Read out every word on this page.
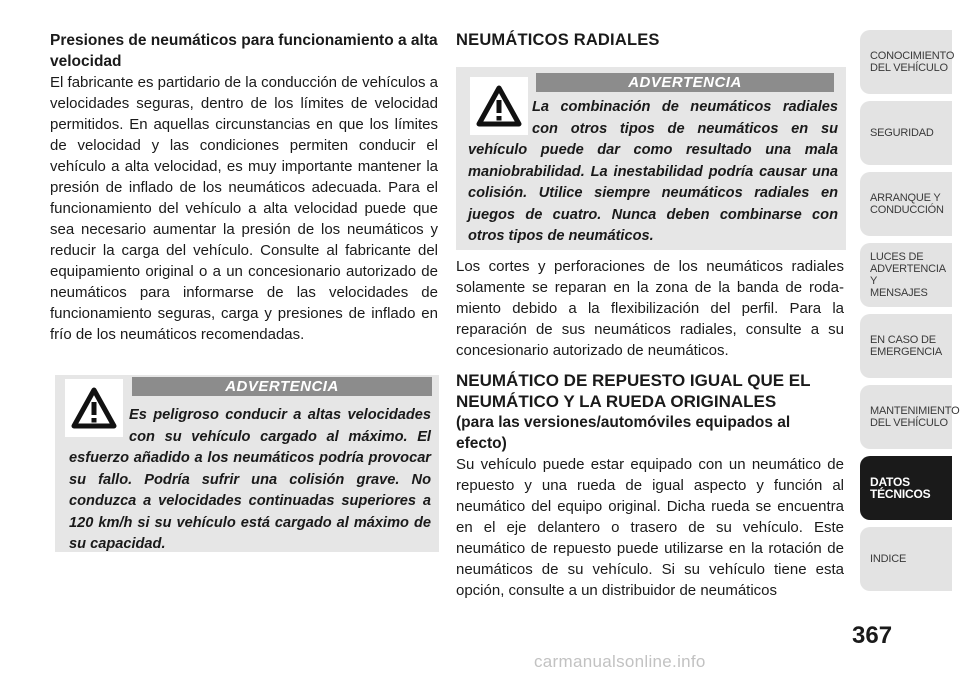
Presiones de neumáticos para funcionamiento a alta velocidad

El fabricante es partidario de la conducción de vehículos a velocidades seguras, dentro de los límites de velocidad permitidos. En aquellas circunstancias en que los límites de velocidad y las condiciones permiten conducir el vehículo a alta velocidad, es muy importante mantener la presión de inflado de los neumáticos adecuada. Para el funcionamiento del vehículo a alta velocidad puede que sea necesario aumentar la presión de los neumáticos y reducir la carga del vehículo. Consulte al fabricante del equipamiento original o a un concesionario autorizado de neumáticos para informarse de las velocidades de funcionamiento seguras, carga y presiones de inflado en frío de los neumáticos recomendadas.

ADVERTENCIA

Es peligroso conducir a altas velocidades con su vehículo cargado al máximo. El esfuerzo añadido a los neumáticos podría provocar su fallo. Podría sufrir una colisión grave. No conduzca a velocidades continuadas superiores a 120 km/h si su vehículo está cargado al máximo de su capacidad.

NEUMÁTICOS RADIALES

ADVERTENCIA

La combinación de neumáticos radiales con otros tipos de neumáticos en su vehículo puede dar como resultado una mala maniobrabilidad. La inestabilidad podría causar una colisión. Utilice siempre neumáticos radiales en juegos de cuatro. Nunca deben combinarse con otros tipos de neumáticos.

Los cortes y perforaciones de los neumáticos radiales solamente se reparan en la zona de la banda de rodamiento debido a la flexibilización del perfil. Para la reparación de sus neumáticos radiales, consulte a su concesionario autorizado de neumáticos.

NEUMÁTICO DE REPUESTO IGUAL QUE EL NEUMÁTICO Y LA RUEDA ORIGINALES

(para las versiones/automóviles equipados al efecto)

Su vehículo puede estar equipado con un neumático de repuesto y una rueda de igual aspecto y función al neumático del equipo original. Dicha rueda se encuentra en el eje delantero o trasero de su vehículo. Este neumático de repuesto puede utilizarse en la rotación de neumáticos de su vehículo. Si su vehículo tiene esta opción, consulte a un distribuidor de neumáticos

CONOCIMIENTO
DEL VEHÍCULO
SEGURIDAD
ARRANQUE Y
CONDUCCIÓN
LUCES DE
ADVERTENCIA Y
MENSAJES
EN CASO DE
EMERGENCIA
MANTENIMIENTO
DEL VEHÍCULO
DATOS
TÉCNICOS
INDICE
367
carmanualsonline.info
